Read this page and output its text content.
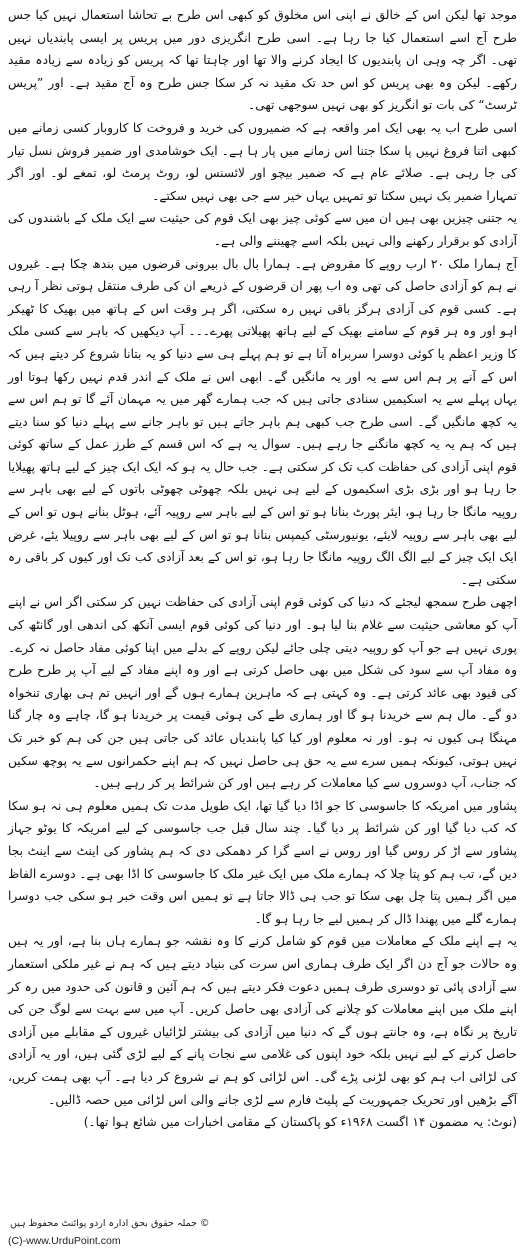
موجد تھا لیکن اس کے خالق نے اپنی اس مخلوق کو کبھی اس طرح بے تحاشا استعمال نہیں کیا جس طرح آج اسے استعمال کیا جا رہا ہے۔ اسی طرح انگریزی دور میں پریس پر ایسی پابندیاں نہیں تھی۔ اگر چہ وہی ان پابندیوں کا ایجاد کرنے والا تھا اور چاہتا تھا کہ پریس کو زیادہ سے زیادہ مقید رکھے۔ لیکن وہ بھی پریس کو اس حد تک مقید نہ کر سکا جس طرح وہ آج مقید ہے۔ اور ”پریس ٹرسٹ“ کی بات تو انگریز کو بھی نہیں سوجھی تھی۔

اسی طرح اب یہ بھی ایک امر واقعہ ہے کہ ضمیروں کی خرید و فروخت کا کاروبار کسی زمانے میں کبھی اتنا فروغ نہیں پا سکا جتنا اس زمانے میں پار ہا ہے۔ ایک خوشامدی اور ضمیر فروش نسل تیار کی جا رہی ہے۔ صلائے عام ہے کہ ضمیر بیچو اور لائسنس لو، روٹ پرمٹ لو، تمغے لو۔ اور اگر تمہارا ضمیر بک نہیں سکتا تو تمہیں یہاں خیر سے جی بھی نہیں سکتے۔

یہ جتنی چیزیں بھی ہیں ان میں سے کوئی چیز بھی ایک قوم کی حیثیت سے ایک ملک کے باشندوں کی آزادی کو برقرار رکھنے والی نہیں بلکہ اسے چھیننے والی ہے۔

آج ہمارا ملک ۲۰ ارب روپے کا مقروض ہے۔ ہمارا بال بال بیرونی قرضوں میں بندھ چکا ہے۔ غیروں نے ہم کو آزادی حاصل کی تھی وہ اب پھر ان قرضوں کے ذریعے ان کی طرف منتقل ہوتی نظر آ رہی ہے۔ کسی قوم کی آزادی ہرگز باقی نہیں رہ سکتی، اگر ہر وقت اس کے ہاتھ میں بھیک کا ٹھیکر اہو اور وہ ہر قوم کے سامنے بھیک کے لیے ہاتھ پھیلاتی پھرے۔۔۔ آپ دیکھیں کہ باہر سے کسی ملک کا وزیر اعظم یا کوئی دوسرا سربراہ آتا ہے تو ہم پہلے ہی سے دنیا کو یہ بتانا شروع کر دیتے ہیں کہ اس کے آنے پر ہم اس سے یہ اور یہ مانگیں گے۔ ابھی اس نے ملک کے اندر قدم نہیں رکھا ہوتا اور یہاں پہلے سے یہ اسکیمیں سنادی جاتی ہیں کہ جب ہمارے گھر میں یہ مہمان آئے گا تو ہم اس سے یہ کچھ مانگیں گے۔ اسی طرح جب کبھی ہم باہر جاتے ہیں تو باہر جانے سے پہلے دنیا کو سنا دیتے ہیں کہ ہم یہ یہ کچھ مانگنے جا رہے ہیں۔ سوال یہ ہے کہ اس قسم کے طرز عمل کے ساتھ کوئی قوم اپنی آزادی کی حفاظت کب تک کر سکتی ہے۔ جب حال یہ ہو کہ ایک ایک چیز کے لیے ہاتھ پھیلایا جا رہا ہو اور بڑی بڑی اسکیموں کے لیے ہی نہیں بلکہ چھوٹی چھوٹی باتوں کے لیے بھی باہر سے روپیہ مانگا جا رہا ہو، ایئر پورٹ بنانا ہو تو اس کے لیے باہر سے روپیہ آئے، ہوٹل بنانے ہوں تو اس کے لیے بھی باہر سے روپیہ لایئے، یونیورسٹی کیمپس بنانا ہو تو اس کے لیے بھی باہر سے روپیلا یئے، غرض ایک ایک چیز کے لیے الگ الگ روپیہ مانگا جا رہا ہو، تو اس کے بعد آزادی کب تک اور کیوں کر باقی رہ سکتی ہے۔

اچھی طرح سمجھ لیجئے کہ دنیا کی کوئی قوم اپنی آزادی کی حفاظت نہیں کر سکتی اگر اس نے اپنے آپ کو معاشی حیثیت سے غلام بنا لیا ہو۔ اور دنیا کی کوئی قوم ایسی آنکھ کی اندھی اور گانٹھ کی پوری نہیں ہے جو آپ کو روپیہ دیتی چلی جائے لیکن روپے کے بدلے میں اپنا کوئی مفاد حاصل نہ کرے۔ وہ مفاد آپ سے سود کی شکل میں بھی حاصل کرتی ہے اور وہ اپنے مفاد کے لیے آپ پر طرح طرح کی قیود بھی عائد کرتی ہے۔ وہ کہتی ہے کہ ماہرین ہمارے ہوں گے اور انہیں تم ہی بھاری تنخواہ دو گے۔ مال ہم سے خریدنا ہو گا اور ہماری طے کی ہوئی قیمت پر خریدنا ہو گا، چاہے وہ چار گنا مہنگا ہی کیوں نہ ہو۔ اور نہ معلوم اور کیا کیا پابندیاں عائد کی جاتی ہیں جن کی ہم کو خبر تک نہیں ہوتی، کیونکہ ہمیں سرے سے یہ حق ہی حاصل نہیں کہ ہم اپنے حکمرانوں سے یہ پوچھ سکیں کہ جناب، آپ دوسروں سے کیا معاملات کر رہے ہیں اور کن شرائط پر کر رہے ہیں۔

پشاور میں امریکہ کا جاسوسی کا جو اڈا دیا گیا تھا، ایک طویل مدت تک ہمیں معلوم ہی نہ ہو سکا کہ کب دیا گیا اور کن شرائط پر دیا گیا۔ چند سال قبل جب جاسوسی کے لیے امریکہ کا یوٹو جہاز پشاور سے اڑ کر روس گیا اور روس نے اسے گرا کر دھمکی دی کہ ہم پشاور کی اینٹ سے اینٹ بجا دیں گے، تب ہم کو پتا چلا کہ ہمارے ملک میں ایک غیر ملک کا جاسوسی کا اڈا بھی ہے۔ دوسرے الفاظ میں اگر ہمیں پتا چل بھی سکا تو جب ہی ڈالا جاتا ہے تو ہمیں اس وقت خبر ہو سکی جب دوسرا ہمارے گلے میں پھندا ڈال کر ہمیں لیے جا رہا ہو گا۔

یہ ہے اپنے ملک کے معاملات میں قوم کو شامل کرنے کا وہ نقشہ جو ہمارے ہاں بنا ہے، اور یہ ہیں وہ حالات جو آج دن اگر ایک طرف ہماری اس سرت کی بنیاد دیتے ہیں کہ ہم نے غیر ملکی استعمار سے آزادی پائی تو دوسری طرف ہمیں دعوت فکر دیتے ہیں کہ ہم آئین و قانون کی حدود میں رہ کر اپنے ملک میں اپنے معاملات کو چلانے کی آزادی بھی حاصل کریں۔ آپ میں سے بہت سے لوگ جن کی تاریخ پر نگاہ ہے، وہ جانتے ہوں گے کہ دنیا میں آزادی کی بیشتر لڑائیاں غیروں کے مقابلے میں آزادی حاصل کرنے کے لیے نہیں بلکہ خود اپنوں کی غلامی سے نجات پانے کے لیے لڑی گئی ہیں، اور یہ آزادی کی لڑائی اب ہم کو بھی لڑنی پڑے گی۔ اس لڑائی کو ہم نے شروع کر دیا ہے۔ آپ بھی ہمت کریں، آگے بڑھیں اور تحریک جمہوریت کے پلیٹ فارم سے لڑی جانے والی اس لڑائی میں حصہ ڈالیں۔

(نوٹ: یہ مضمون ۱۴ اگست ۱۹۶۸ء کو پاکستان کے مقامی اخبارات میں شائع ہوا تھا۔)
© جملہ حقوق بحق ادارہ اردو پوائنٹ محفوظ ہیں
(C)-www.UrduPoint.com
